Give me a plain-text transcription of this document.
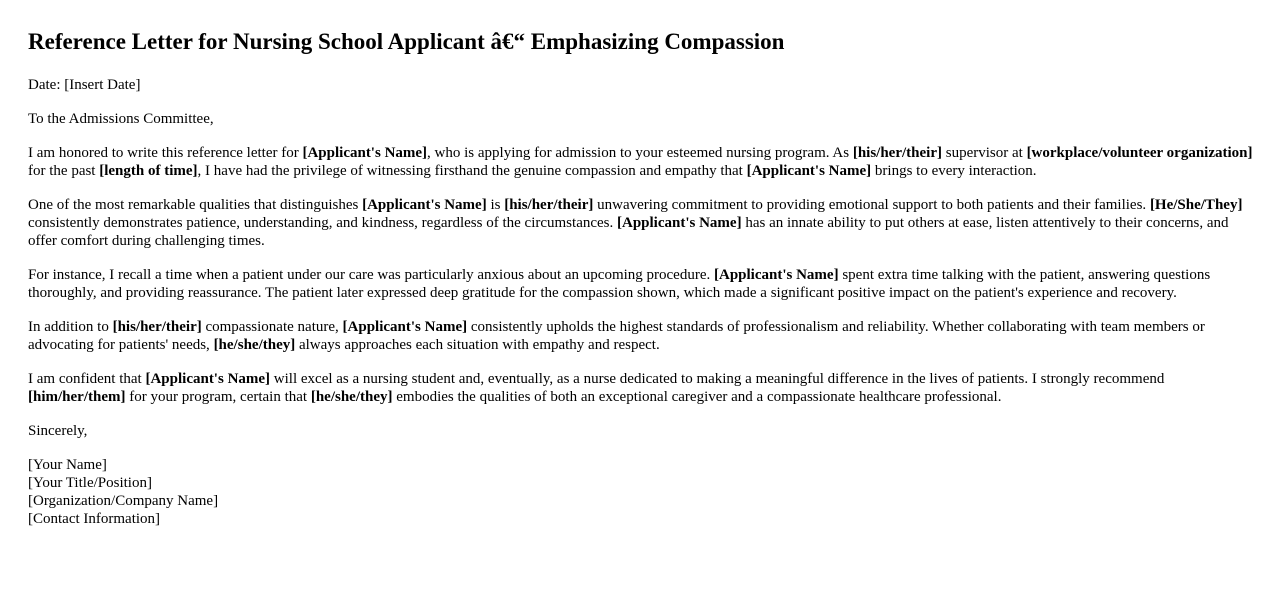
Reference Letter for Nursing School Applicant â€“ Emphasizing Compassion

Date: [Insert Date]

To the Admissions Committee,

I am honored to write this reference letter for [Applicant's Name], who is applying for admission to your esteemed nursing program. As [his/her/their] supervisor at [workplace/volunteer organization] for the past [length of time], I have had the privilege of witnessing firsthand the genuine compassion and empathy that [Applicant's Name] brings to every interaction.

One of the most remarkable qualities that distinguishes [Applicant's Name] is [his/her/their] unwavering commitment to providing emotional support to both patients and their families. [He/She/They] consistently demonstrates patience, understanding, and kindness, regardless of the circumstances. [Applicant's Name] has an innate ability to put others at ease, listen attentively to their concerns, and offer comfort during challenging times.

For instance, I recall a time when a patient under our care was particularly anxious about an upcoming procedure. [Applicant's Name] spent extra time talking with the patient, answering questions thoroughly, and providing reassurance. The patient later expressed deep gratitude for the compassion shown, which made a significant positive impact on the patient's experience and recovery.

In addition to [his/her/their] compassionate nature, [Applicant's Name] consistently upholds the highest standards of professionalism and reliability. Whether collaborating with team members or advocating for patients' needs, [he/she/they] always approaches each situation with empathy and respect.

I am confident that [Applicant's Name] will excel as a nursing student and, eventually, as a nurse dedicated to making a meaningful difference in the lives of patients. I strongly recommend [him/her/them] for your program, certain that [he/she/they] embodies the qualities of both an exceptional caregiver and a compassionate healthcare professional.

Sincerely,

[Your Name]
[Your Title/Position]
[Organization/Company Name]
[Contact Information]
